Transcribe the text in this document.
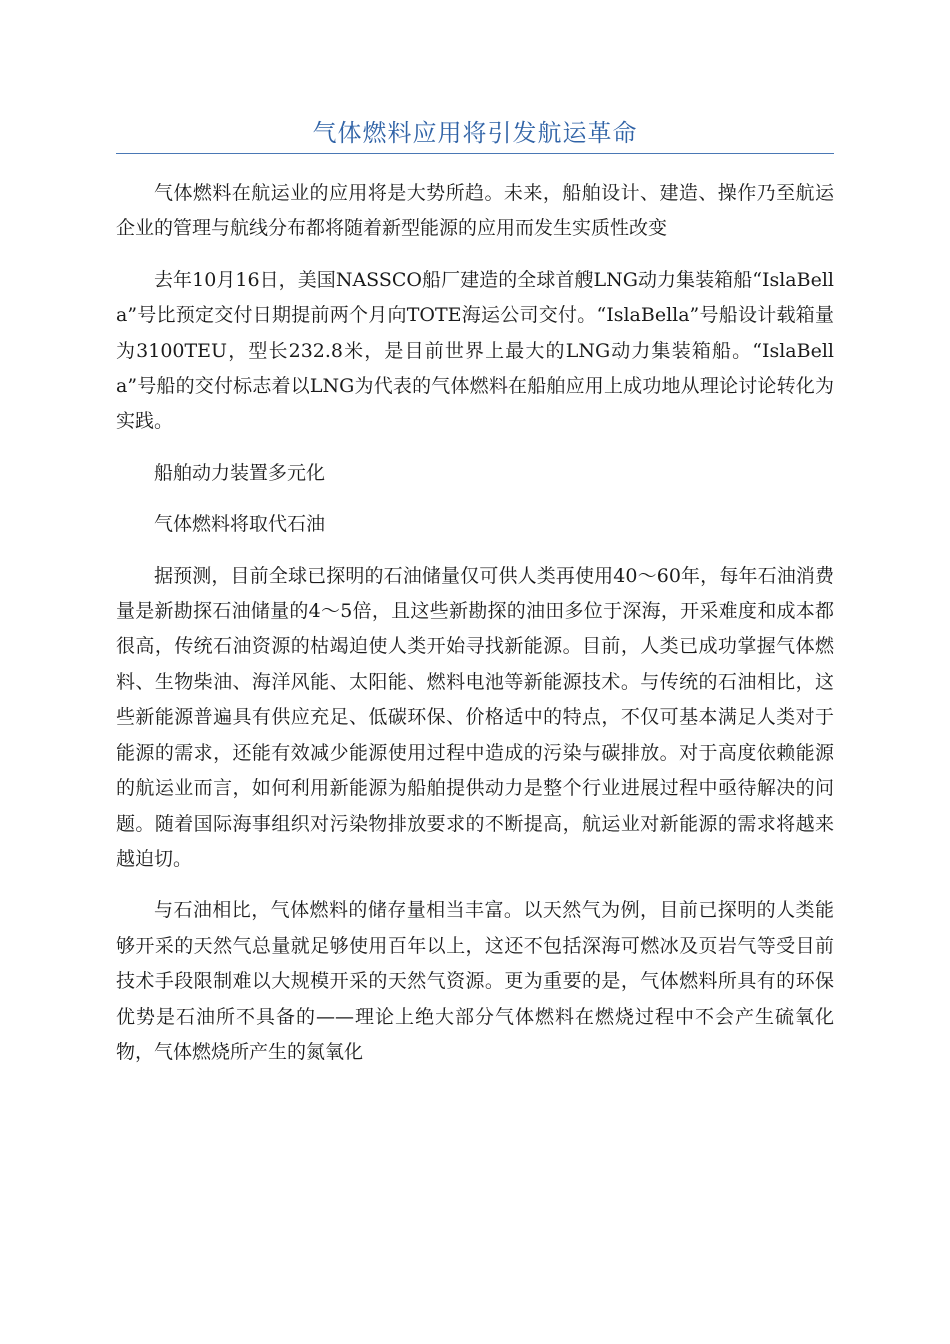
气体燃料应用将引发航运革命

气体燃料在航运业的应用将是大势所趋。未来，船舶设计、建造、操作乃至航运企业的管理与航线分布都将随着新型能源的应用而发生实质性改变

去年10月16日，美国NASSCO船厂建造的全球首艘LNG动力集装箱船“IslaBella”号比预定交付日期提前两个月向TOTE海运公司交付。“IslaBella”号船设计载箱量为3100TEU，型长232.8米，是目前世界上最大的LNG动力集装箱船。“IslaBella”号船的交付标志着以LNG为代表的气体燃料在船舶应用上成功地从理论讨论转化为实践。

船舶动力装置多元化

气体燃料将取代石油

据预测，目前全球已探明的石油储量仅可供人类再使用40～60年，每年石油消费量是新勘探石油储量的4～5倍，且这些新勘探的油田多位于深海，开采难度和成本都很高，传统石油资源的枯竭迫使人类开始寻找新能源。目前，人类已成功掌握气体燃料、生物柴油、海洋风能、太阳能、燃料电池等新能源技术。与传统的石油相比，这些新能源普遍具有供应充足、低碳环保、价格适中的特点，不仅可基本满足人类对于能源的需求，还能有效减少能源使用过程中造成的污染与碳排放。对于高度依赖能源的航运业而言，如何利用新能源为船舶提供动力是整个行业进展过程中亟待解决的问题。随着国际海事组织对污染物排放要求的不断提高，航运业对新能源的需求将越来越迫切。

与石油相比，气体燃料的储存量相当丰富。以天然气为例，目前已探明的人类能够开采的天然气总量就足够使用百年以上，这还不包括深海可燃冰及页岩气等受目前技术手段限制难以大规模开采的天然气资源。更为重要的是，气体燃料所具有的环保优势是石油所不具备的——理论上绝大部分气体燃料在燃烧过程中不会产生硫氧化物，气体燃烧所产生的氮氧化
